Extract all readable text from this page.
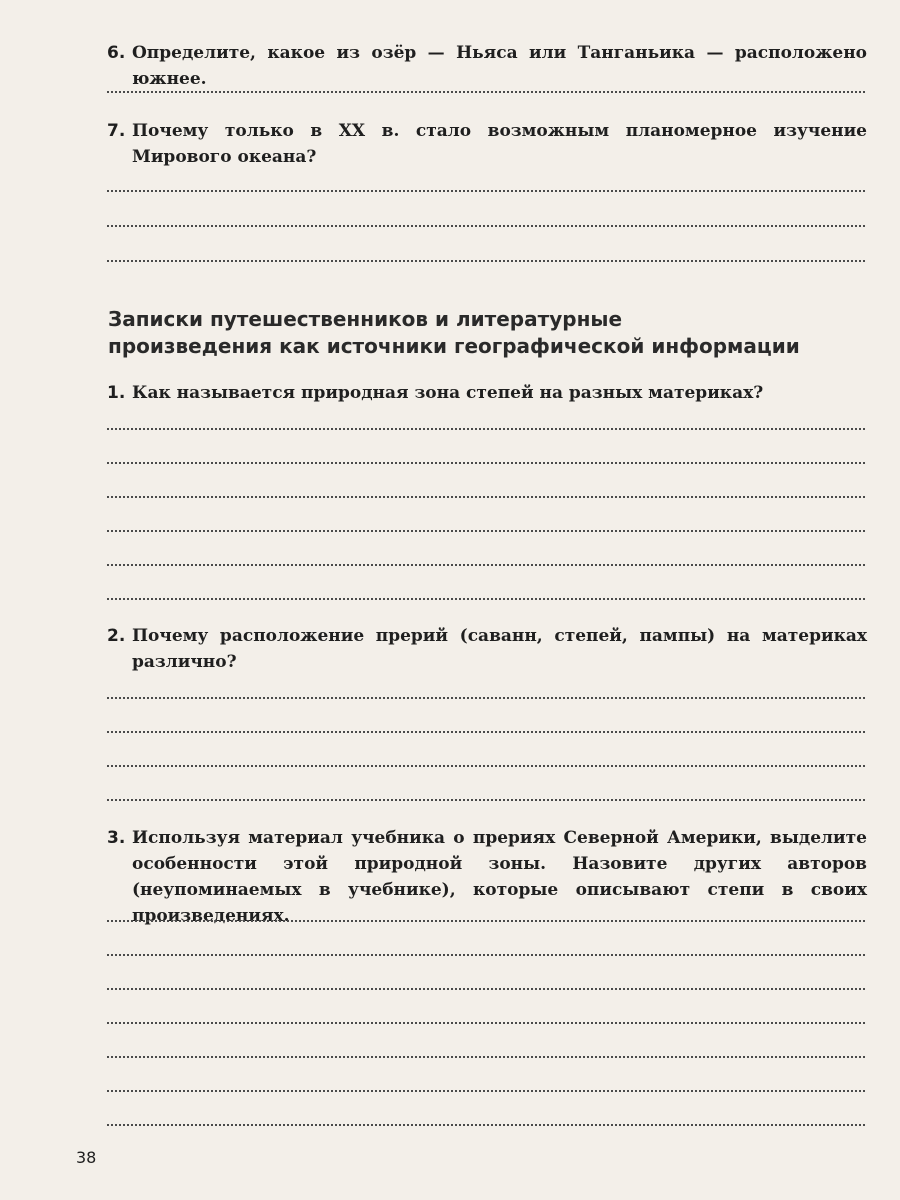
6. Определите, какое из озёр — Ньяса или Танганьика — расположено южнее.
7. Почему только в XX в. стало возможным планомерное изучение Мирового океана?
Записки путешественников и литературные
произведения как источники географической информации
1. Как называется природная зона степей на разных материках?
2. Почему расположение прерий (саванн, степей, пампы) на материках различно?
3. Используя материал учебника о прериях Северной Америки, выделите особенности этой природной зоны. Назовите других авторов (неупоминаемых в учебнике), которые описывают степи в своих произведениях.
38
